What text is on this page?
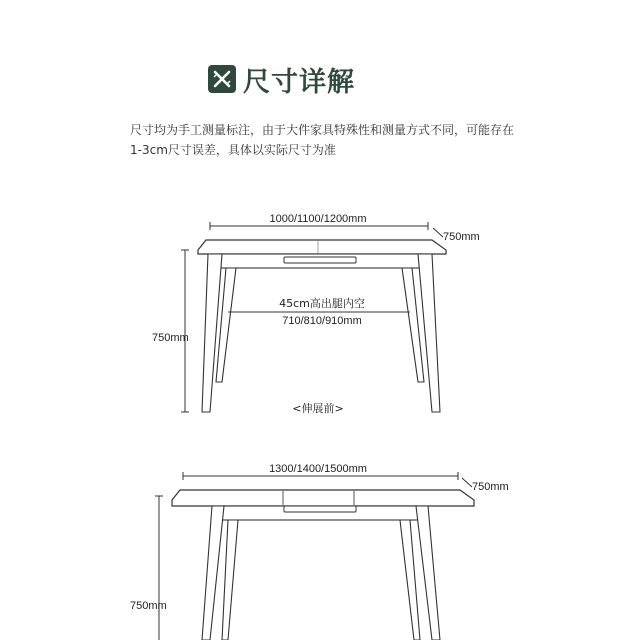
尺寸详解

尺寸均为手工测量标注，由于大件家具特殊性和测量方式不同，可能存在
1-3cm尺寸误差，具体以实际尺寸为准

1000/1100/1200mm
750mm
750mm
45cm高出腿内空
710/810/910mm
<伸展前>
1300/1400/1500mm
750mm
750mm
